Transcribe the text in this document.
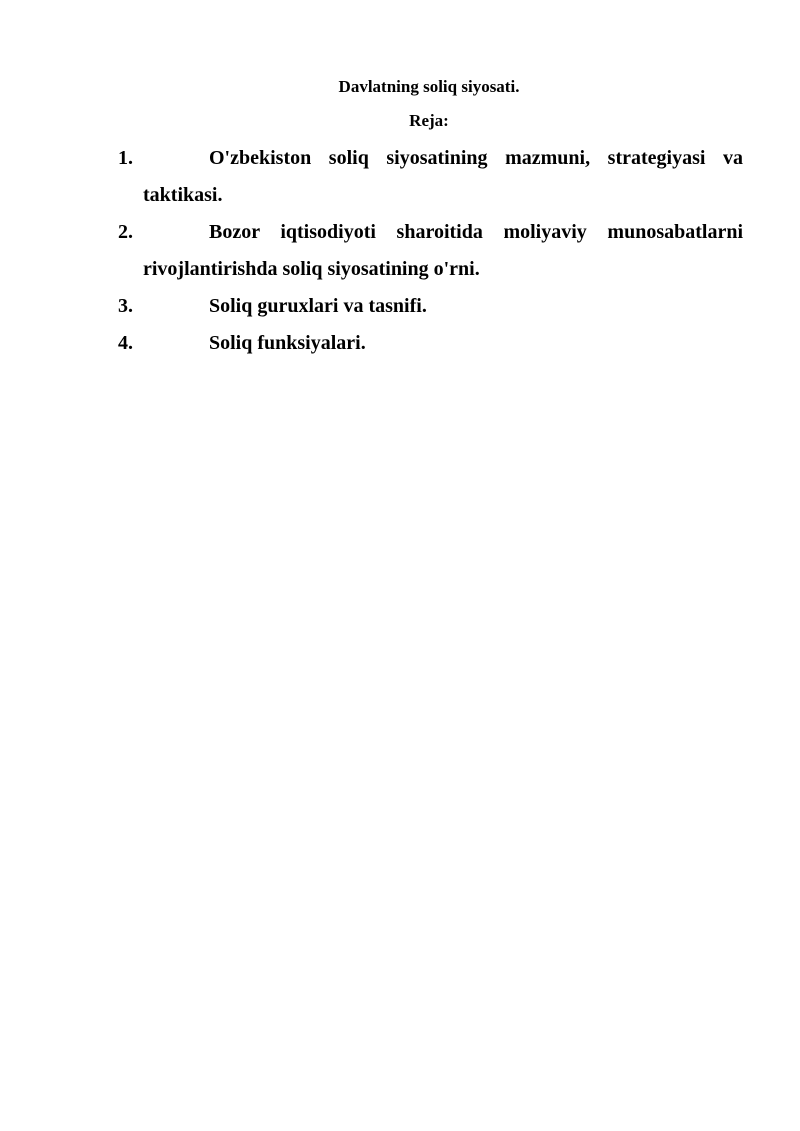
Davlatning soliq siyosati.
Reja:
1.	O'zbekiston soliq siyosatining mazmuni, strategiyasi va taktikasi.
2.	Bozor iqtisodiyoti sharoitida moliyaviy munosabatlarni rivojlantirishda soliq siyosatining o'rni.
3.	Soliq guruxlari va tasnifi.
4.	Soliq funksiyalari.
